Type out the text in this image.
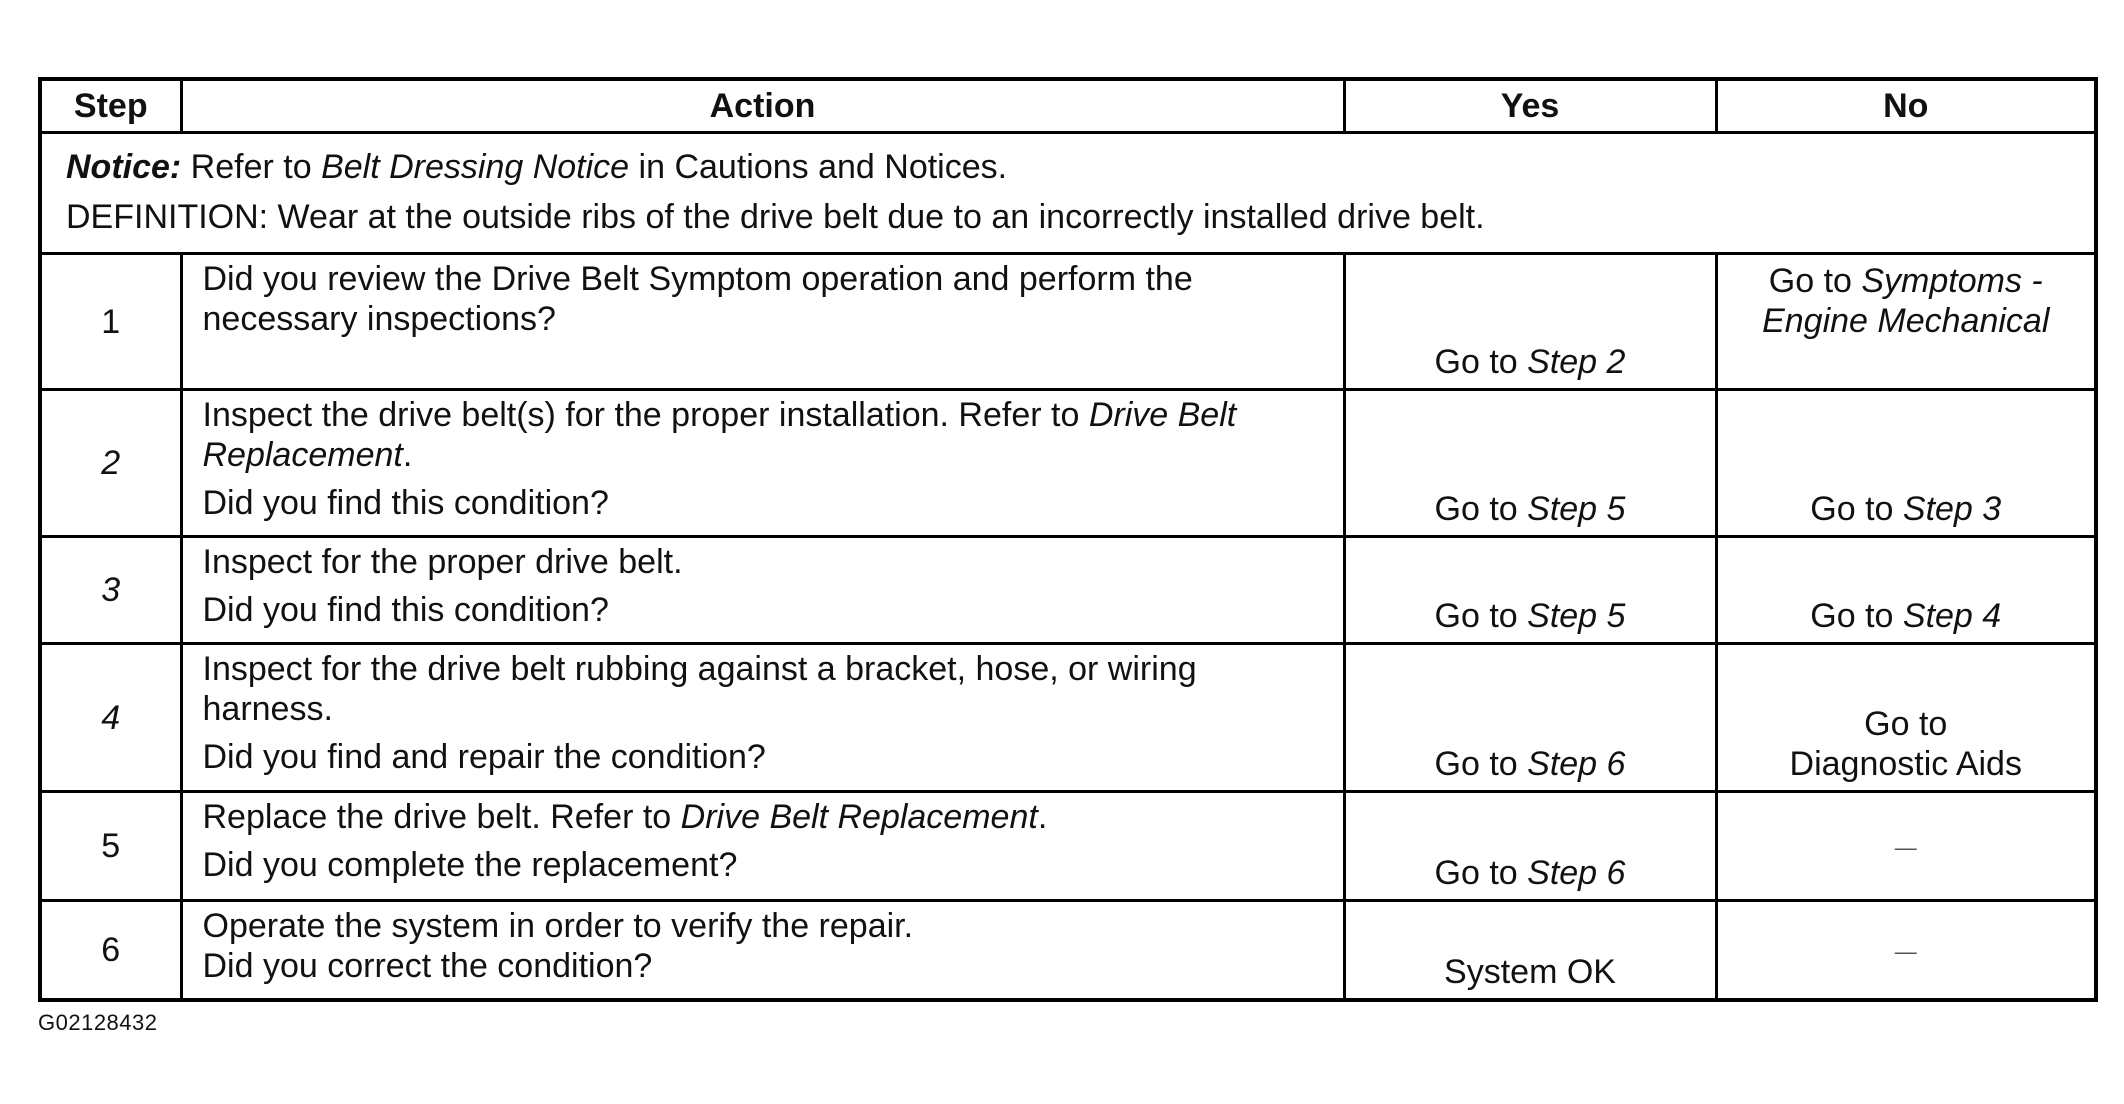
Step	Action	Yes	No

Notice: Refer to Belt Dressing Notice in Cautions and Notices.
DEFINITION: Wear at the outside ribs of the drive belt due to an incorrectly installed drive belt.			

1	Did you review the Drive Belt Symptom operation and perform the
necessary inspections?	Go to Step 2	Go to Symptoms -
Engine Mechanical
2	Inspect the drive belt(s) for the proper installation. Refer to Drive Belt
Replacement.
Did you find this condition?	Go to Step 5	Go to Step 3
3	Inspect for the proper drive belt.
Did you find this condition?	Go to Step 5	Go to Step 4
4	Inspect for the drive belt rubbing against a bracket, hose, or wiring
harness.
Did you find and repair the condition?	Go to Step 6	Go to
Diagnostic Aids
5	Replace the drive belt. Refer to Drive Belt Replacement.
Did you complete the replacement?	Go to Step 6	—
6	Operate the system in order to verify the repair.
Did you correct the condition?	System OK	—
G02128432
